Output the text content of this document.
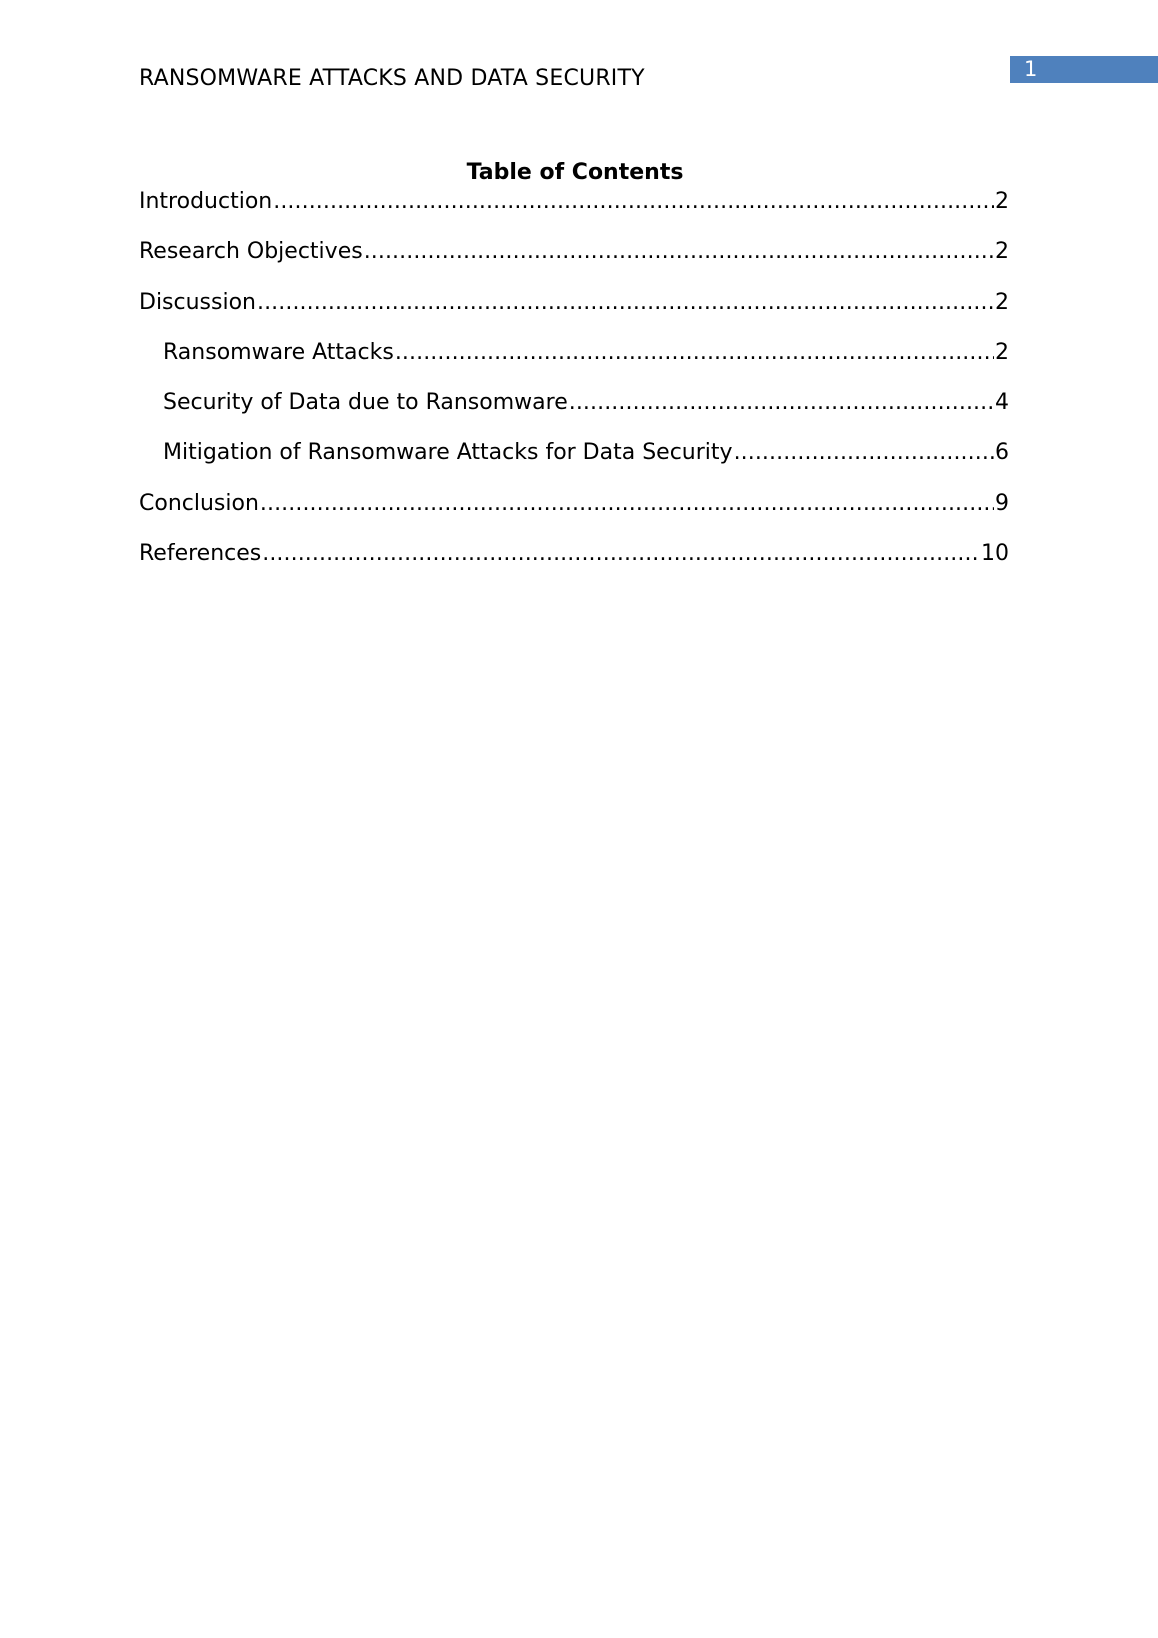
RANSOMWARE ATTACKS AND DATA SECURITY	1
Table of Contents
Introduction .....	2
Research Objectives .....	2
Discussion .....	2
Ransomware Attacks .....	2
Security of Data due to Ransomware .....	4
Mitigation of Ransomware Attacks for Data Security .....	6
Conclusion .....	9
References .....	10
